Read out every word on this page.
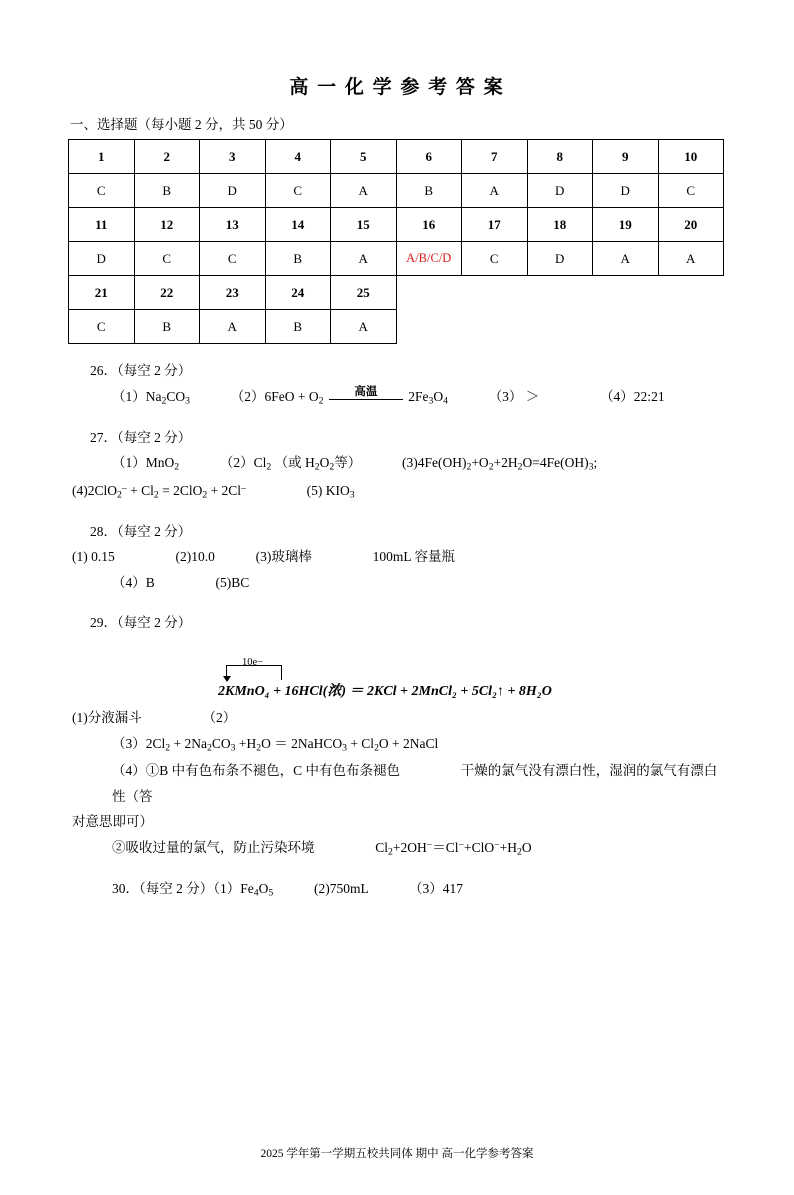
高 一 化 学 参 考 答 案
一、选择题（每小题 2 分，共 50 分）
1	2	3	4	5	6	7	8	9	10
C	B	D	C	A	B	A	D	D	C
11	12	13	14	15	16	17	18	19	20
D	C	C	B	A	A/B/C/D	C	D	A	A
21	22	23	24	25					
C	B	A	B	A					
26．（每空 2 分）
$(1)Na_2CO_3$	$(2)6FeO + O_2$
高温	$2Fe_3O_4$	（3） ＞	（4）22:21
27．（每空 2 分）
（1）MnO$_2$	$(2)Cl_2$ （或 $H_2O_2$等）	$(3)4Fe(OH)_2+O_2+2H_2O=4Fe(OH)_3$;
$(4)2ClO_2^- + Cl_2 = 2ClO_2 + 2Cl^-$	(5) $KIO_3$
28．（每空 2 分）
(1) 0.15	(2)10.0	(3)玻璃棒	100mL 容量瓶
（4）B	(5)BC
29．（每空 2 分）
10e−
2KMnO₄ + 16HCl(浓) ＝ 2KCl + 2MnCl₂ + 5Cl₂↑ + 8H₂O
(1)分液漏斗	（2）
$(3)2Cl_2 + 2Na_2CO_3 +H_2O$ ＝ 2NaHCO$_3$ + $Cl_2O$ + 2NaCl
（4）①B 中有色布条不褪色，C 中有色布条褪色	干燥的氯气没有漂白性，湿润的氯气有漂白性（答
对意思即可）
②吸收过量的氯气，防止污染环境	$Cl_2+2OH^-=Cl^-+ClO^-+H_2O$
30．（每空 2 分）$(1)Fe_4O_5$	(2)750mL	（3）417
2025 学年第一学期五校共同体 期中 高一化学参考答案
